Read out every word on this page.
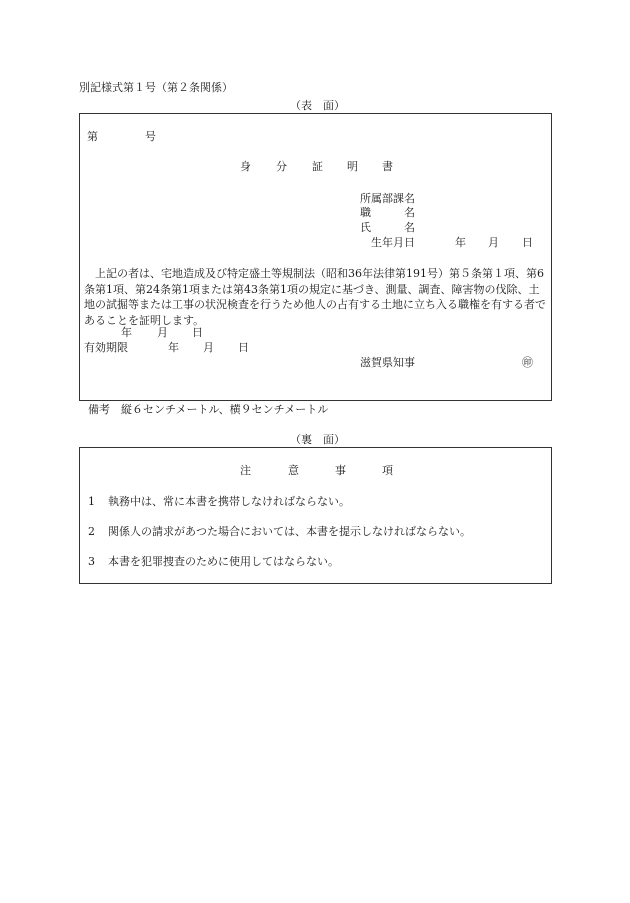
別記様式第１号（第２条関係）
（表　面）
第	号
身 分 証 明 書
所属部課名
職	名
氏	名
生年月日	年 月 日
上記の者は、宅地造成及び特定盛土等規制法（昭和36年法律第191号）第５条第１項、第6条第1項、第24条第1項または第43条第1項の規定に基づき、測量、調査、障害物の伐除、土地の試掘等または工事の状況検査を行うため他人の占有する土地に立ち入る職権を有する者であることを証明します。
年 月 日
有効期限	年 月 日
滋賀県知事	㊞
備考　縦６センチメートル、横９センチメートル
（裏　面）
注	意	事	項
1 執務中は、常に本書を携帯しなければならない。
2 関係人の請求があつた場合においては、本書を提示しなければならない。
3 本書を犯罪捜査のために使用してはならない。
